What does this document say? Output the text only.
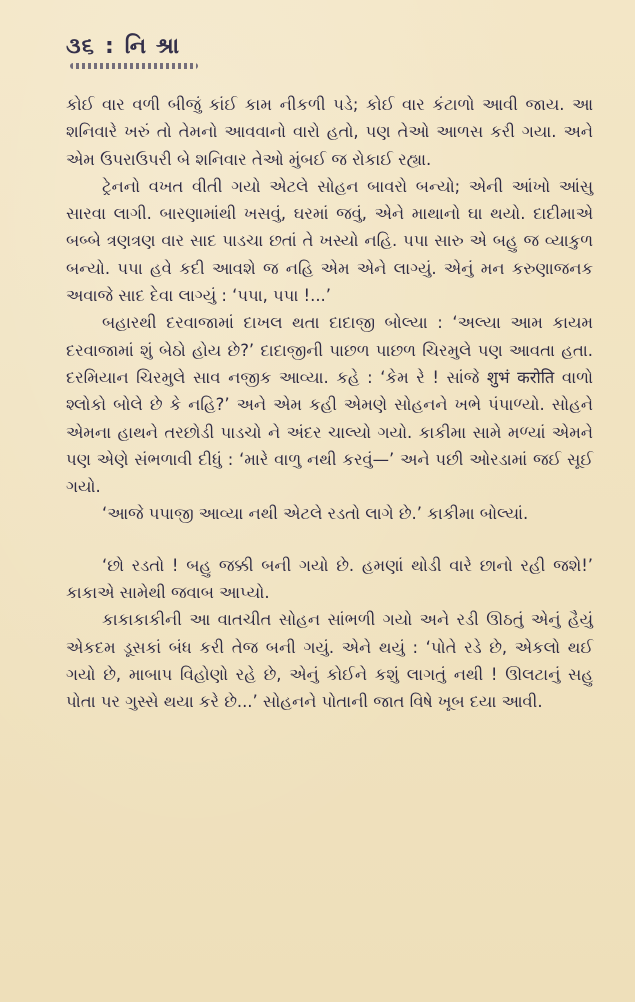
૩૬ : નિ શ્રા

કોઈ વાર વળી બીજું કાંઈ કામ નીકળી પડે; કોઈ વાર કંટાળો આવી જાય. આ શનિવારે ખરું તો તેમનો આવવાનો વારો હતો, પણ તેઓ આળસ કરી ગયા. અને એમ ઉપરાઉપરી બે શનિવાર તેઓ મુંબઈ જ રોકાઈ રહ્યા.

ટ્રેનનો વખત વીતી ગયો એટલે સોહન બાવરો બન્યો; એની આંખો આંસુ સારવા લાગી. બારણામાંથી ખસવું, ઘરમાં જવું, એને માથાનો ઘા થયો. દાદીમાએ બબ્બે ત્રણત્રણ વાર સાદ પાડચા છતાં તે ખસ્યો નહિ. પપા સારુ એ બહુ જ વ્યાકુળ બન્યો. પપા હવે કદી આવશે જ નહિ એમ એને લાગ્યું. એનું મન કરુણાજનક અવાજે સાદ દેવા લાગ્યું : ‘પપા, પપા !...’

બહારથી દરવાજામાં દાખલ થતા દાદાજી બોલ્યા : ‘અલ્યા આમ કાયમ દરવાજામાં શું બેઠો હોય છે?’ દાદાજીની પાછળ પાછળ ચિરમુલે પણ આવતા હતા. દરમિયાન ચિરમુલે સાવ નજીક આવ્યા. કહે : ‘કેમ રે ! સાંજે शुभं करोति વાળો શ્લોકો બોલે છે કે નહિ?’ અને એમ કહી એમણે સોહનને ખભે પંપાળ્યો. સોહને એમના હાથને તરછોડી પાડચો ને અંદર ચાલ્યો ગયો. કાકીમા સામે મળ્યાં એમને પણ એણે સંભળાવી દીધું : ‘મારે વાળુ નથી કરવું—’ અને પછી ઓરડામાં જઈ સૂઈ ગયો.

‘આજે પપાજી આવ્યા નથી એટલે રડતો લાગે છે.’ કાકીમા બોલ્યાં.

‘છો રડતો ! બહુ જક્કી બની ગયો છે. હમણાં થોડી વારે છાનો રહી જશે!’ કાકાએ સામેથી જવાબ આપ્યો.

કાકાકાકીની આ વાતચીત સોહન સાંભળી ગયો અને રડી ઊઠતું એનું હૈયું એકદમ ડૂસકાં બંધ કરી તેજ બની ગયું. એને થયું : ‘પોતે રડે છે, એકલો થઈ ગયો છે, માબાપ વિહોણો રહે છે, એનું કોઈને કશું લાગતું નથી ! ઊલટાનું સહુ પોતા પર ગુસ્સે થયા કરે છે...’ સોહનને પોતાની જાત વિષે ખૂબ દયા આવી.
